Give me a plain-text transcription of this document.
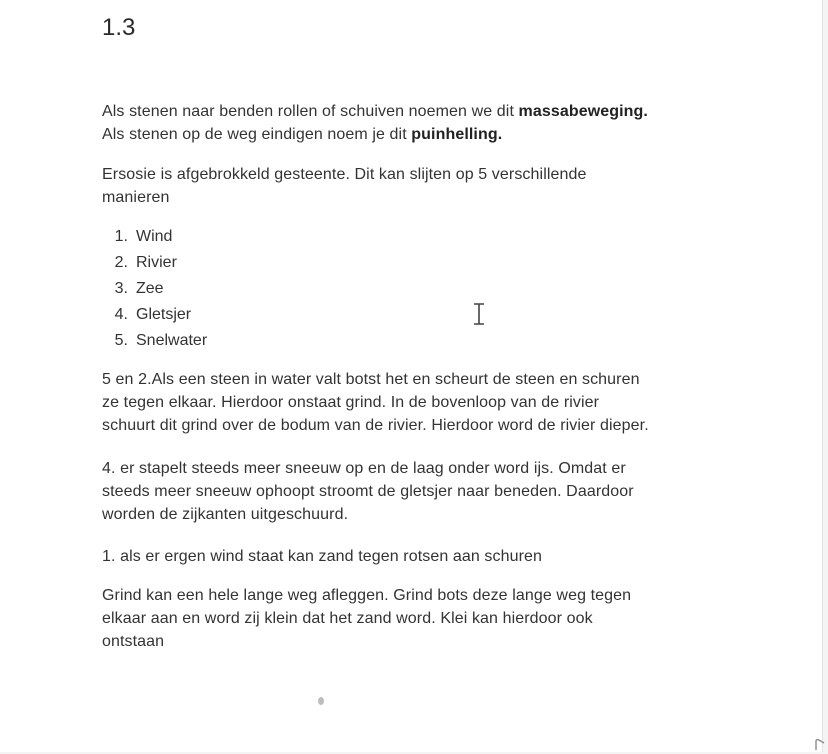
1.3

Als stenen naar benden rollen of schuiven noemen we dit massabeweging.
Als stenen op de weg eindigen noem je dit puinhelling.

Ersosie is afgebrokkeld gesteente. Dit kan slijten op 5 verschillende
manieren

1. Wind
2. Rivier
3. Zee
4. Gletsjer
5. Snelwater

5 en 2.Als een steen in water valt botst het en scheurt de steen en schuren
ze tegen elkaar. Hierdoor onstaat grind. In de bovenloop van de rivier
schuurt dit grind over de bodum van de rivier. Hierdoor word de rivier dieper.

4. er stapelt steeds meer sneeuw op en de laag onder word ijs. Omdat er
steeds meer sneeuw ophoopt stroomt de gletsjer naar beneden. Daardoor
worden de zijkanten uitgeschuurd.

1. als er ergen wind staat kan zand tegen rotsen aan schuren

Grind kan een hele lange weg afleggen. Grind bots deze lange weg tegen
elkaar aan en word zij klein dat het zand word. Klei kan hierdoor ook
ontstaan
